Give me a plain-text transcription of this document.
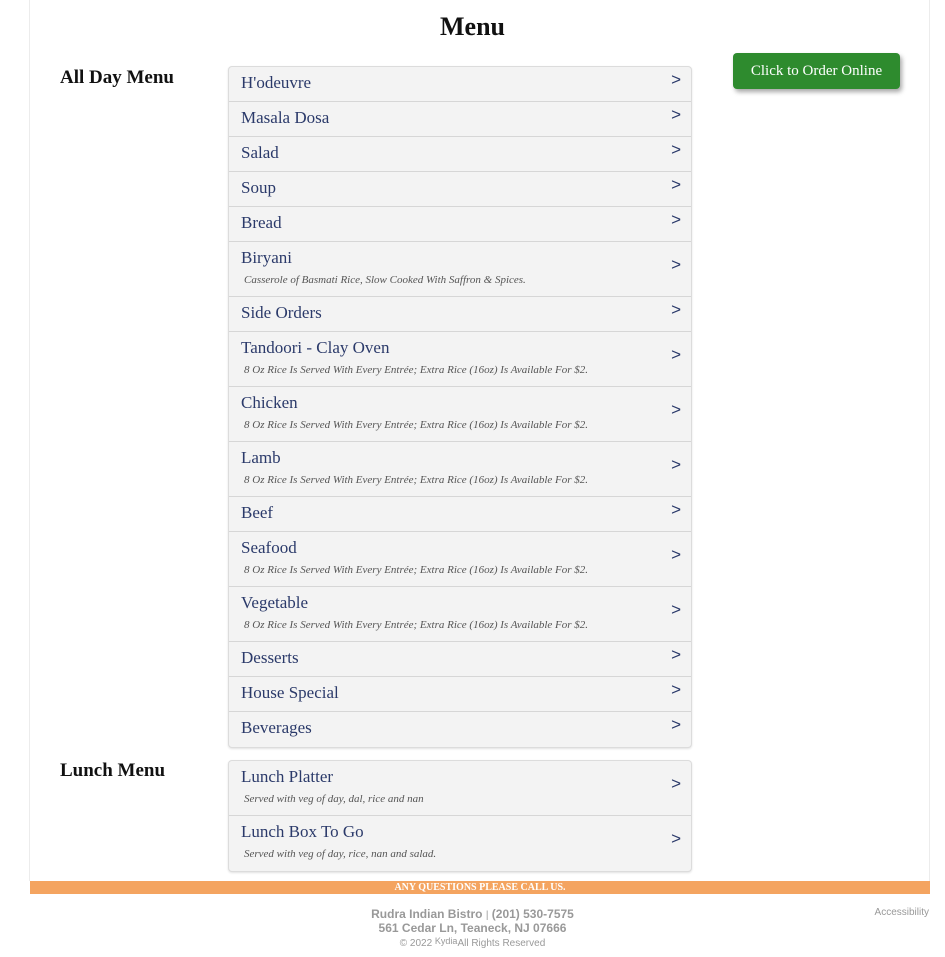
Menu
All Day Menu	H'odeuvre	>
Masala Dosa	>
Salad	>
Soup	>
Bread	>
Biryani
Casserole of Basmati Rice, Slow Cooked With Saffron & Spices.
>
Side Orders	>
Tandoori - Clay Oven
8 Oz Rice Is Served With Every Entrée; Extra Rice (16oz) Is Available For $2.
>
Chicken
8 Oz Rice Is Served With Every Entrée; Extra Rice (16oz) Is Available For $2.
>
Lamb
8 Oz Rice Is Served With Every Entrée; Extra Rice (16oz) Is Available For $2.
>
Beef	>
Seafood
8 Oz Rice Is Served With Every Entrée; Extra Rice (16oz) Is Available For $2.
>
Vegetable
8 Oz Rice Is Served With Every Entrée; Extra Rice (16oz) Is Available For $2.
>
Desserts	>
House Special	>
Beverages	>
Click to Order Online
Lunch Menu	Lunch Platter
Served with veg of day, dal, rice and nan
>
Lunch Box To Go
Served with veg of day, rice, nan and salad.
>
ANY QUESTIONS PLEASE CALL US.
Rudra Indian Bistro | (201) 530-7575
561 Cedar Ln, Teaneck, NJ 07666
© 2022 KydiaAll Rights Reserved
Accessibility
